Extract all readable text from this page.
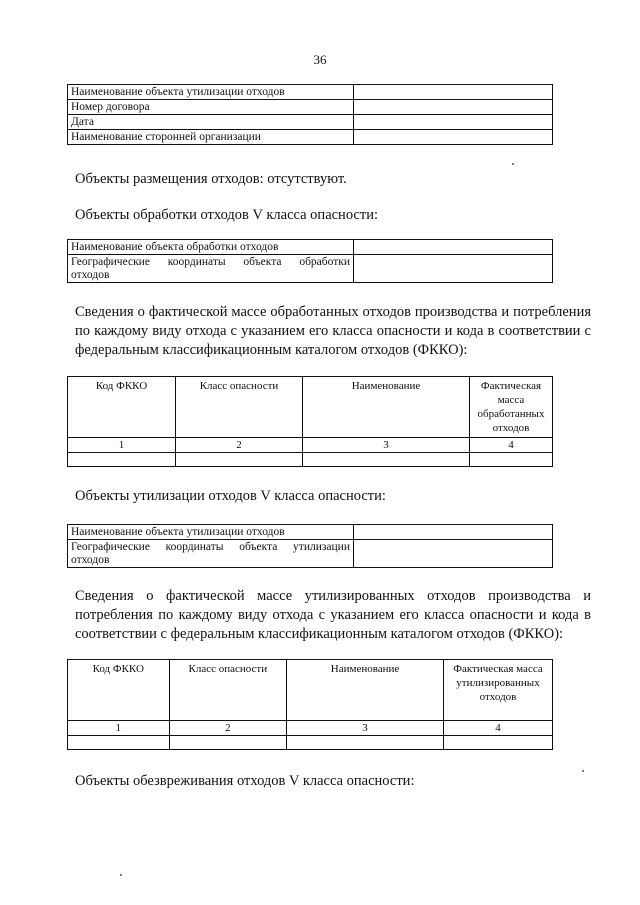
36
Наименование объекта утилизации отходов	
Номер договора	
Дата	
Наименование сторонней организации	
Объекты размещения отходов: отсутствуют.
Объекты обработки отходов V класса опасности:
Наименование объекта обработки отходов	

Географические координаты объекта обработки
отходов	

Сведения о фактической массе обработанных отходов производства и потребления по каждому виду отхода с указанием его класса опасности и кода в соответствии с федеральным классификационным каталогом отходов (ФККО):
Код ФККО	Класс опасности	Наименование	Фактическая масса обработанных отходов

1	2	3	4

Объекты утилизации отходов V класса опасности:
Наименование объекта утилизации отходов	

Географические координаты объекта утилизации
отходов	

Сведения о фактической массе утилизированных отходов производства и потребления по каждому виду отхода с указанием его класса опасности и кода в соответствии с федеральным классификационным каталогом отходов (ФККО):
Код ФККО	Класс опасности	Наименование	Фактическая масса утилизированных отходов

1	2	3	4

Объекты обезвреживания отходов V класса опасности:
